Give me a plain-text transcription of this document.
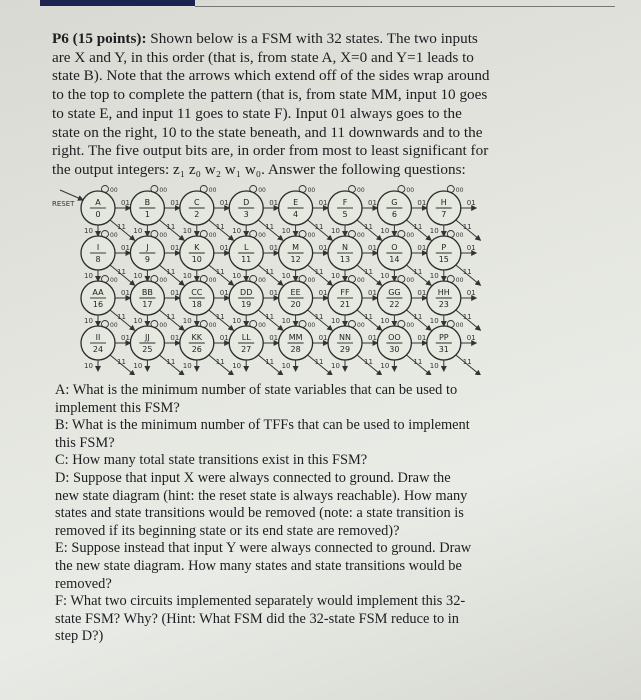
P6 (15 points): Shown below is a FSM with 32 states. The two inputs
are X and Y, in this order (that is, from state A, X=0 and Y=1 leads to
state B). Note that the arrows which extend off of the sides wrap around
to the top to complete the pattern (that is, from state MM, input 10 goes
to state E, and input 11 goes to state F). Input 01 always goes to the
state on the right, 10 to the state beneath, and 11 downwards and to the
right. The five output bits are, in order from most to least significant for
the output integers: z₁ z₀ w₂ w₁ w₀. Answer the following questions:
01
10	11
00
A
0
01
10	11
00
B
1
01
10	11
00
C
2
01
10	11
00
D
3
01
10	11
00
E
4
01
10	11
00
F
5
01
10	11
00
G
6
01
10	11
00
H
7
01
10	11
00
I
8
01
10	11
00
J
9
01
10	11
00
K
10
01
10	11
00
L
11
01
10	11
00
M
12
01
10	11
00
N
13
01
10	11
00
O
14
01
10	11
00
P
15
01
10	11
00
AA
16
01
10	11
00
BB
17
01
10	11
00
CC
18
01
10	11
00
DD
19
01
10	11
00
EE
20
01
10	11
00
FF
21
01
10	11
00
GG
22
01
10	11
00
HH
23
01
10	11
00
II
24
01
10	11
00
JJ
25
01
10	11
00
KK
26
01
10	11
00
LL
27
01
10	11
00
MM
28
01
10	11
00
NN
29
01
10	11
00
OO
30
01
10	11
00
PP
31
RESET
A: What is the minimum number of state variables that can be used to
implement this FSM?
B: What is the minimum number of TFFs that can be used to implement
this FSM?
C: How many total state transitions exist in this FSM?
D: Suppose that input X were always connected to ground. Draw the
new state diagram (hint: the reset state is always reachable). How many
states and state transitions would be removed (note: a state transition is
removed if its beginning state or its end state are removed)?
E: Suppose instead that input Y were always connected to ground. Draw
the new state diagram. How many states and state transitions would be
removed?
F: What two circuits implemented separately would implement this 32-
state FSM? Why? (Hint: What FSM did the 32-state FSM reduce to in
step D?)
